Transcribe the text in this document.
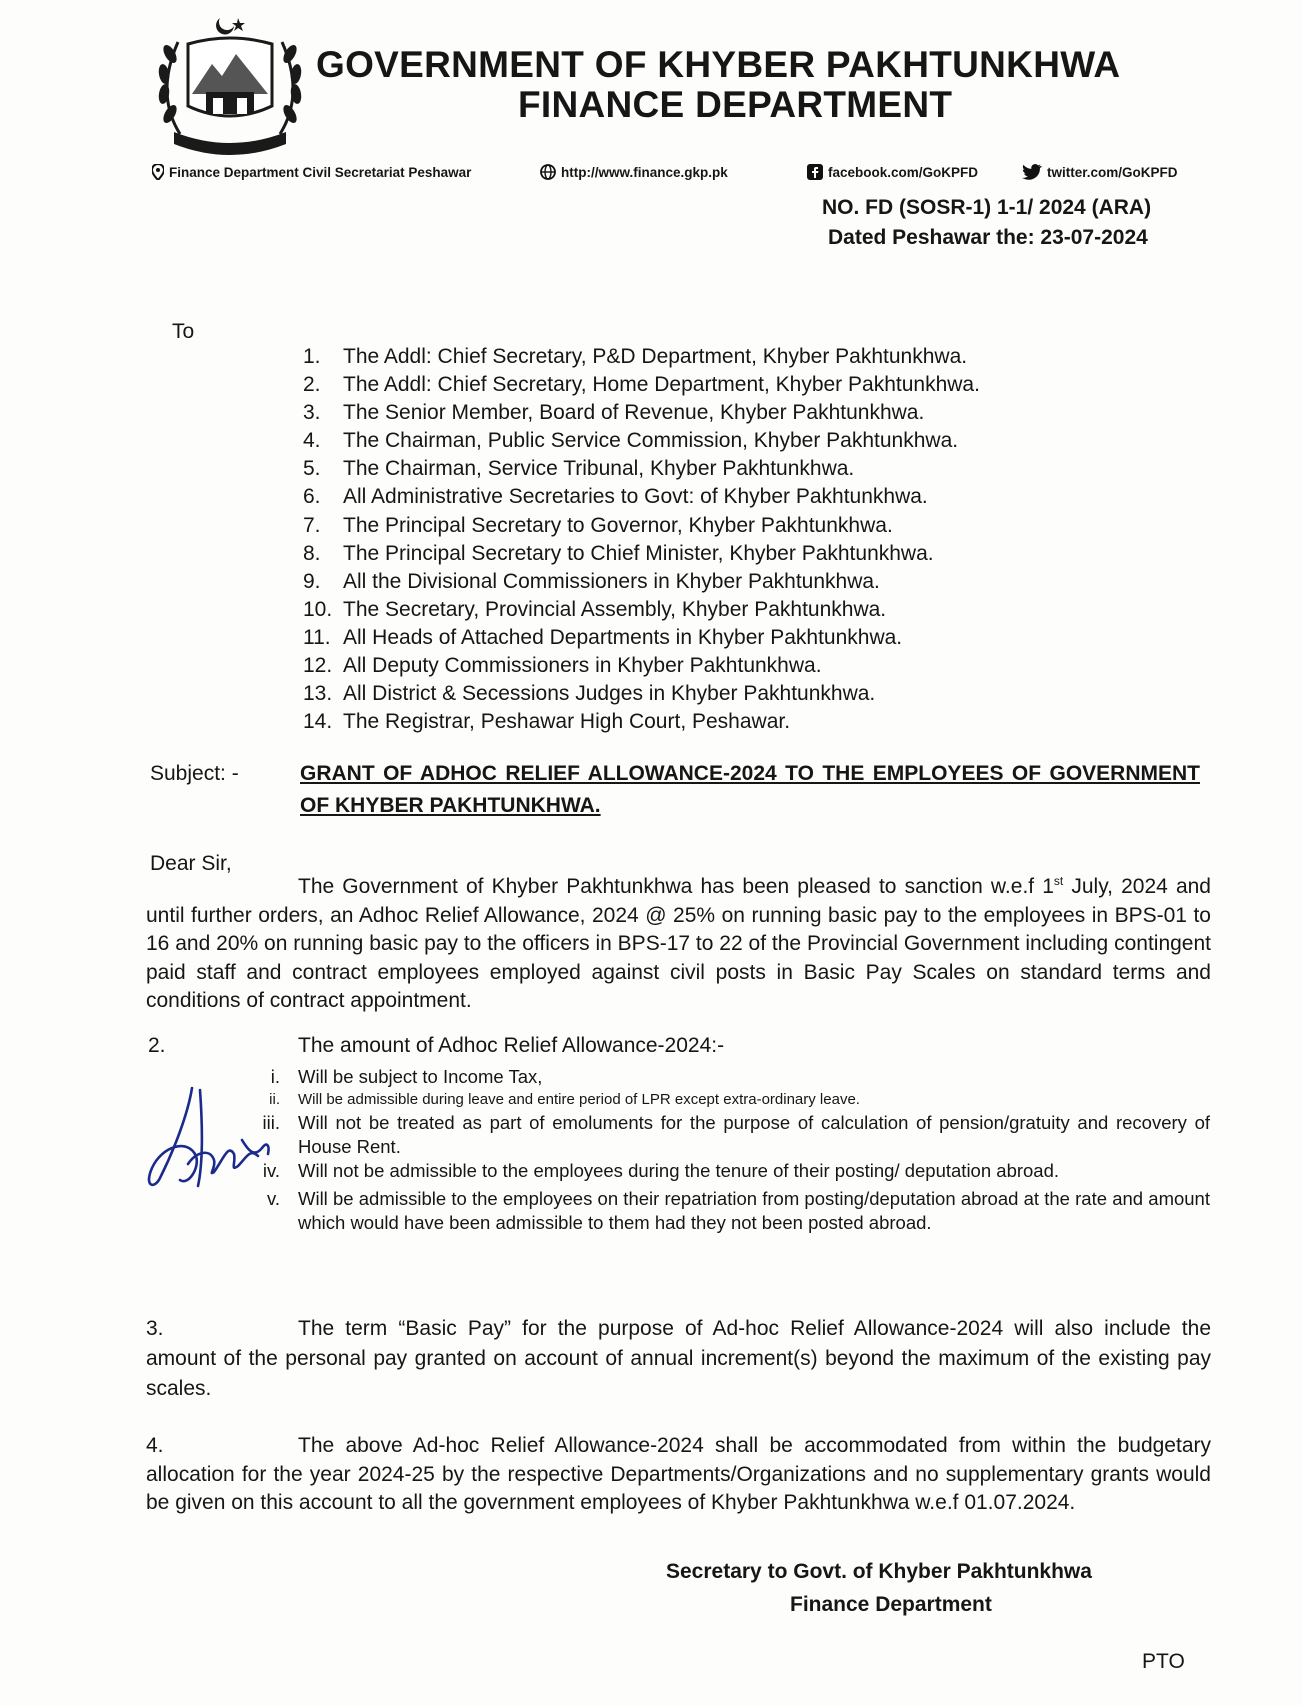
GOVERNMENT OF KHYBER PAKHTUNKHWA
FINANCE DEPARTMENT
Finance Department Civil Secretariat Peshawar	http://www.finance.gkp.pk	facebook.com/GoKPFD	twitter.com/GoKPFD
NO. FD (SOSR-1) 1-1/ 2024 (ARA)
Dated Peshawar the: 23-07-2024
To
1.	The Addl: Chief Secretary, P&D Department, Khyber Pakhtunkhwa.
2.	The Addl: Chief Secretary, Home Department, Khyber Pakhtunkhwa.
3.	The Senior Member, Board of Revenue, Khyber Pakhtunkhwa.
4.	The Chairman, Public Service Commission, Khyber Pakhtunkhwa.
5.	The Chairman, Service Tribunal, Khyber Pakhtunkhwa.
6.	All Administrative Secretaries to Govt: of Khyber Pakhtunkhwa.
7.	The Principal Secretary to Governor, Khyber Pakhtunkhwa.
8.	The Principal Secretary to Chief Minister, Khyber Pakhtunkhwa.
9.	All the Divisional Commissioners in Khyber Pakhtunkhwa.
10. The Secretary, Provincial Assembly, Khyber Pakhtunkhwa.
11. All Heads of Attached Departments in Khyber Pakhtunkhwa.
12. All Deputy Commissioners in Khyber Pakhtunkhwa.
13. All District & Secessions Judges in Khyber Pakhtunkhwa.
14. The Registrar, Peshawar High Court, Peshawar.
Subject: -	GRANT OF ADHOC RELIEF ALLOWANCE-2024 TO THE EMPLOYEES OF GOVERNMENT OF KHYBER PAKHTUNKHWA.
Dear Sir,
The Government of Khyber Pakhtunkhwa has been pleased to sanction w.e.f 1st July, 2024 and until further orders, an Adhoc Relief Allowance, 2024 @ 25% on running basic pay to the employees in BPS-01 to 16 and 20% on running basic pay to the officers in BPS-17 to 22 of the Provincial Government including contingent paid staff and contract employees employed against civil posts in Basic Pay Scales on standard terms and conditions of contract appointment.
2.	The amount of Adhoc Relief Allowance-2024:-
i. Will be subject to Income Tax,
ii. Will be admissible during leave and entire period of LPR except extra-ordinary leave.
iii. Will not be treated as part of emoluments for the purpose of calculation of pension/gratuity and recovery of House Rent.
iv. Will not be admissible to the employees during the tenure of their posting/ deputation abroad.
v. Will be admissible to the employees on their repatriation from posting/deputation abroad at the rate and amount which would have been admissible to them had they not been posted abroad.
3.	The term “Basic Pay” for the purpose of Ad-hoc Relief Allowance-2024 will also include the amount of the personal pay granted on account of annual increment(s) beyond the maximum of the existing pay scales.
4.	The above Ad-hoc Relief Allowance-2024 shall be accommodated from within the budgetary allocation for the year 2024-25 by the respective Departments/Organizations and no supplementary grants would be given on this account to all the government employees of Khyber Pakhtunkhwa w.e.f 01.07.2024.
Secretary to Govt. of Khyber Pakhtunkhwa
Finance Department
PTO
